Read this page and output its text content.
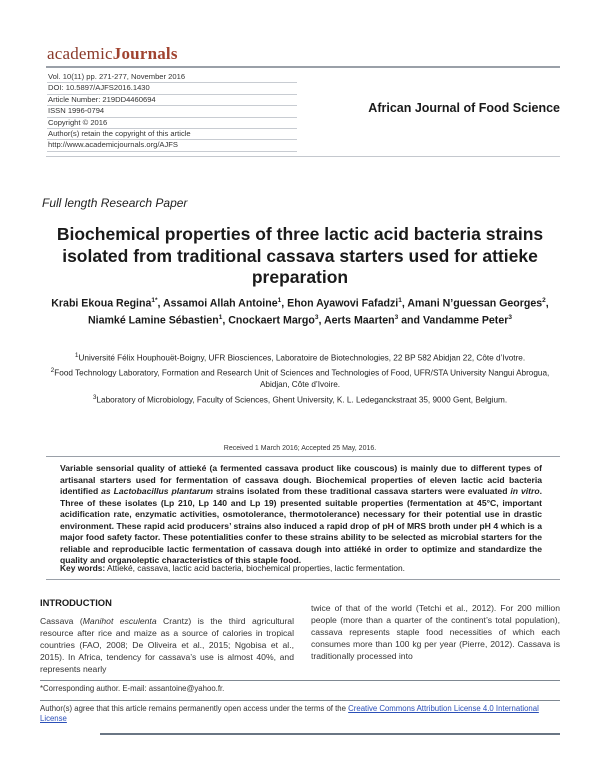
academicJournals
Vol. 10(11) pp. 271-277, November 2016
DOI: 10.5897/AJFS2016.1430
Article Number: 219DD4460694
ISSN 1996-0794
Copyright © 2016
Author(s) retain the copyright of this article
http://www.academicjournals.org/AJFS
African Journal of Food Science
Full length Research Paper
Biochemical properties of three lactic acid bacteria strains isolated from traditional cassava starters used for attieke preparation
Krabi Ekoua Regina$^{1*}$, Assamoi Allah Antoine$^1$, Ehon Ayawovi Fafadzi$^1$, Amani N’guessan Georges$^2$, Niamké Lamine Sébastien$^1$, Cnockaert Margo$^3$, Aerts Maarten$^3$ and Vandamme Peter$^3$
$^1$Université Félix Houphouët-Boigny, UFR Biosciences, Laboratoire de Biotechnologies, 22 BP 582 Abidjan 22, Côte d’Ivotre.
$^2$Food Technology Laboratory, Formation and Research Unit of Sciences and Technologies of Food, UFR/STA University Nangui Abrogua, Abidjan, Côte d’Ivoire.
$^3$Laboratory of Microbiology, Faculty of Sciences, Ghent University, K. L. Ledeganckstraat 35, 9000 Gent, Belgium.
Received 1 March 2016; Accepted 25 May, 2016.
Variable sensorial quality of attieké (a fermented cassava product like couscous) is mainly due to different types of artisanal starters used for fermentation of cassava dough. Biochemical properties of eleven lactic acid bacteria identified as Lactobacillus plantarum strains isolated from these traditional cassava starters were evaluated in vitro. Three of these isolates (Lp 210, Lp 140 and Lp 19) presented suitable properties (fermentation at 45°C, important acidification rate, enzymatic activities, osmotolerance, thermotolerance) necessary for their potential use in drastic environment. These rapid acid producers’ strains also induced a rapid drop of pH of MRS broth under pH 4 which is a major food safety factor. These potentialities confer to these strains ability to be selected as microbial starters for the reliable and reproducible lactic fermentation of cassava dough into attiéké in order to optimize and standardize the quality and organoleptic characteristics of this staple food.
Key words: Attieké, cassava, lactic acid bacteria, biochemical properties, lactic fermentation.
INTRODUCTION
Cassava (Manihot esculenta Crantz) is the third agricultural resource after rice and maize as a source of calories in tropical countries (FAO, 2008; De Oliveira et al., 2015; Ngobisa et al., 2015). In Africa, tendency for cassava’s use is almost 40%, and represents nearly
twice of that of the world (Tetchi et al., 2012). For 200 million people (more than a quarter of the continent’s total population), cassava represents staple food necessities of which each consumes more than 100 kg per year (Pierre, 2012). Cassava is traditionally processed into
*Corresponding author. E-mail: assantoine@yahoo.fr.
Author(s) agree that this article remains permanently open access under the terms of the Creative Commons Attribution License 4.0 International License
